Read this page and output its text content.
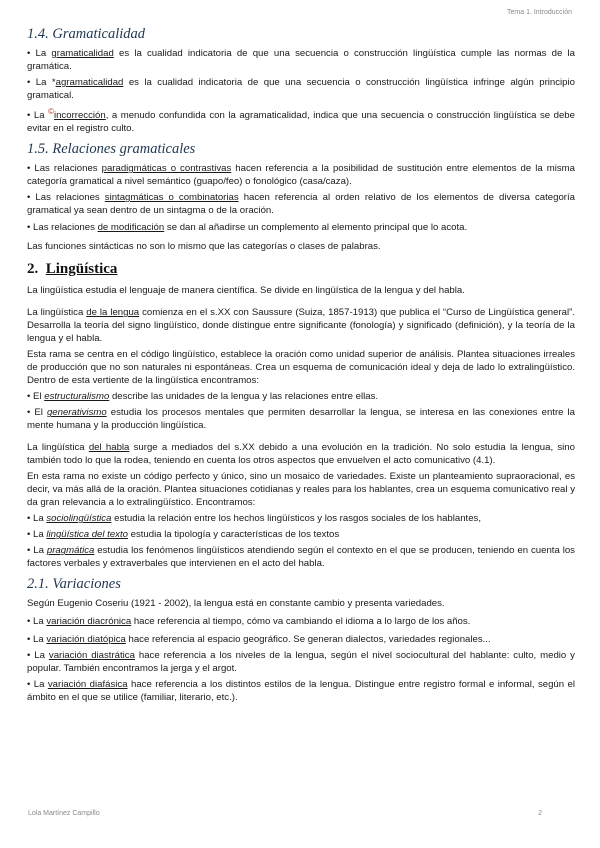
Tema 1. Introducción
1.4. Gramaticalidad

• La gramaticalidad es la cualidad indicatoria de que una secuencia o construcción lingüística cumple las normas de la gramática.

• La *agramaticalidad es la cualidad indicatoria de que una secuencia o construcción lingüística infringe algún principio gramatical.

• La ©incorrección, a menudo confundida con la agramaticalidad, indica que una secuencia o construcción lingüística se debe evitar en el registro culto.

1.5. Relaciones gramaticales

• Las relaciones paradigmáticas o contrastivas hacen referencia a la posibilidad de sustitución entre elementos de la misma categoría gramatical a nivel semántico (guapo/feo) o fonológico (casa/caza).

• Las relaciones sintagmáticas o combinatorias hacen referencia al orden relativo de los elementos de diversa categoría gramatical ya sean dentro de un sintagma o de la oración.

• Las relaciones de modificación se dan al añadirse un complemento al elemento principal que lo acota.

Las funciones sintácticas no son lo mismo que las categorías o clases de palabras.

2. Lingüística

La lingüística estudia el lenguaje de manera científica. Se divide en lingüística de la lengua y del habla.

La lingüística de la lengua comienza en el s.XX con Saussure (Suiza, 1857-1913) que publica el “Curso de Lingüística general”. Desarrolla la teoría del signo lingüístico, donde distingue entre significante (fonología) y significado (definición), y la teoría de la lengua y el habla.

Esta rama se centra en el código lingüístico, establece la oración como unidad superior de análisis. Plantea situaciones irreales de producción que no son naturales ni espontáneas. Crea un esquema de comunicación ideal y deja de lado lo extralingüístico. Dentro de esta vertiente de la lingüística encontramos:

• El estructuralismo describe las unidades de la lengua y las relaciones entre ellas.

• El generativismo estudia los procesos mentales que permiten desarrollar la lengua, se interesa en las conexiones entre la mente humana y la producción lingüística.

La lingüística del habla surge a mediados del s.XX debido a una evolución en la tradición. No solo estudia la lengua, sino también todo lo que la rodea, teniendo en cuenta los otros aspectos que envuelven el acto comunicativo (4.1).

En esta rama no existe un código perfecto y único, sino un mosaico de variedades. Existe un planteamiento supraoracional, es decir, va más allá de la oración. Plantea situaciones cotidianas y reales para los hablantes, crea un esquema comunicativo real y da gran relevancia a lo extralingüístico. Encontramos:

• La sociolingüística estudia la relación entre los hechos lingüísticos y los rasgos sociales de los hablantes,

• La lingüística del texto estudia la tipología y características de los textos

• La pragmática estudia los fenómenos lingüísticos atendiendo según el contexto en el que se producen, teniendo en cuenta los factores verbales y extraverbales que intervienen en el acto del habla.

2.1. Variaciones

Según Eugenio Coseriu (1921 - 2002), la lengua está en constante cambio y presenta variedades.

• La variación diacrónica hace referencia al tiempo, cómo va cambiando el idioma a lo largo de los años.

• La variación diatópica hace referencia al espacio geográfico. Se generan dialectos, variedades regionales...

• La variación diastrática hace referencia a los niveles de la lengua, según el nivel sociocultural del hablante: culto, medio y popular. También encontramos la jerga y el argot.

• La variación diafásica hace referencia a los distintos estilos de la lengua. Distingue entre registro formal e informal, según el ámbito en el que se utilice (familiar, literario, etc.).

Lola Martínez Campillo	2
